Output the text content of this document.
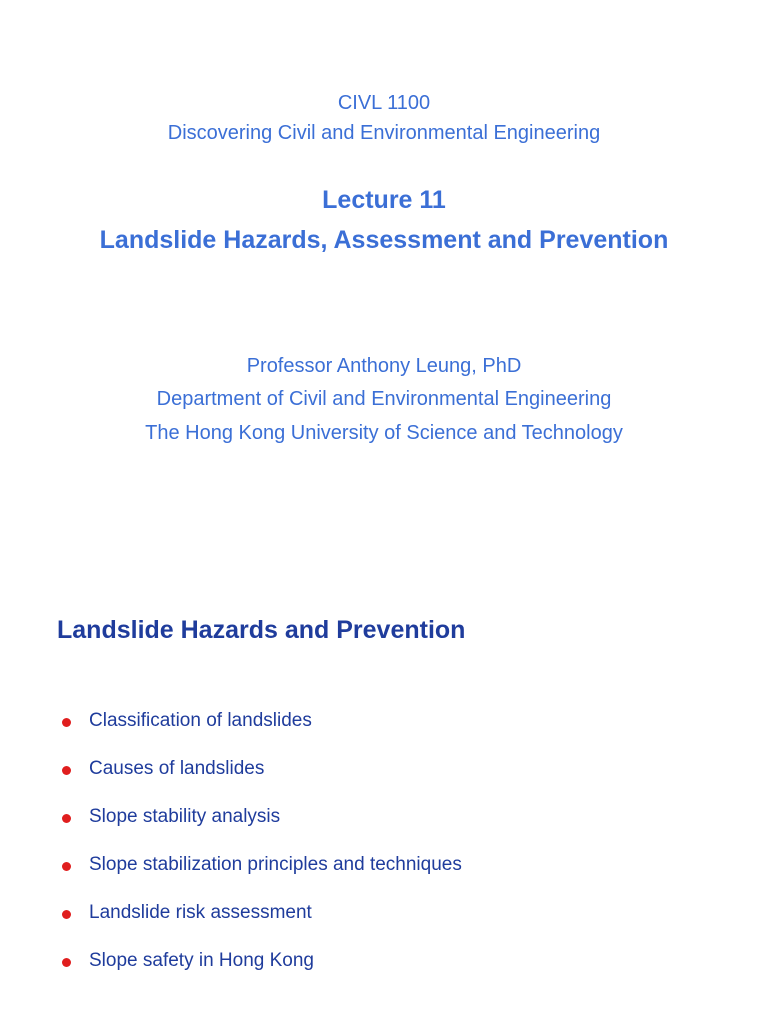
CIVL 1100
Discovering Civil and Environmental Engineering
Lecture 11
Landslide Hazards, Assessment and Prevention
Professor Anthony Leung, PhD
Department of Civil and Environmental Engineering
The Hong Kong University of Science and Technology
Landslide Hazards and Prevention
Classification of landslides
Causes of landslides
Slope stability analysis
Slope stabilization principles and techniques
Landslide risk assessment
Slope safety in Hong Kong
